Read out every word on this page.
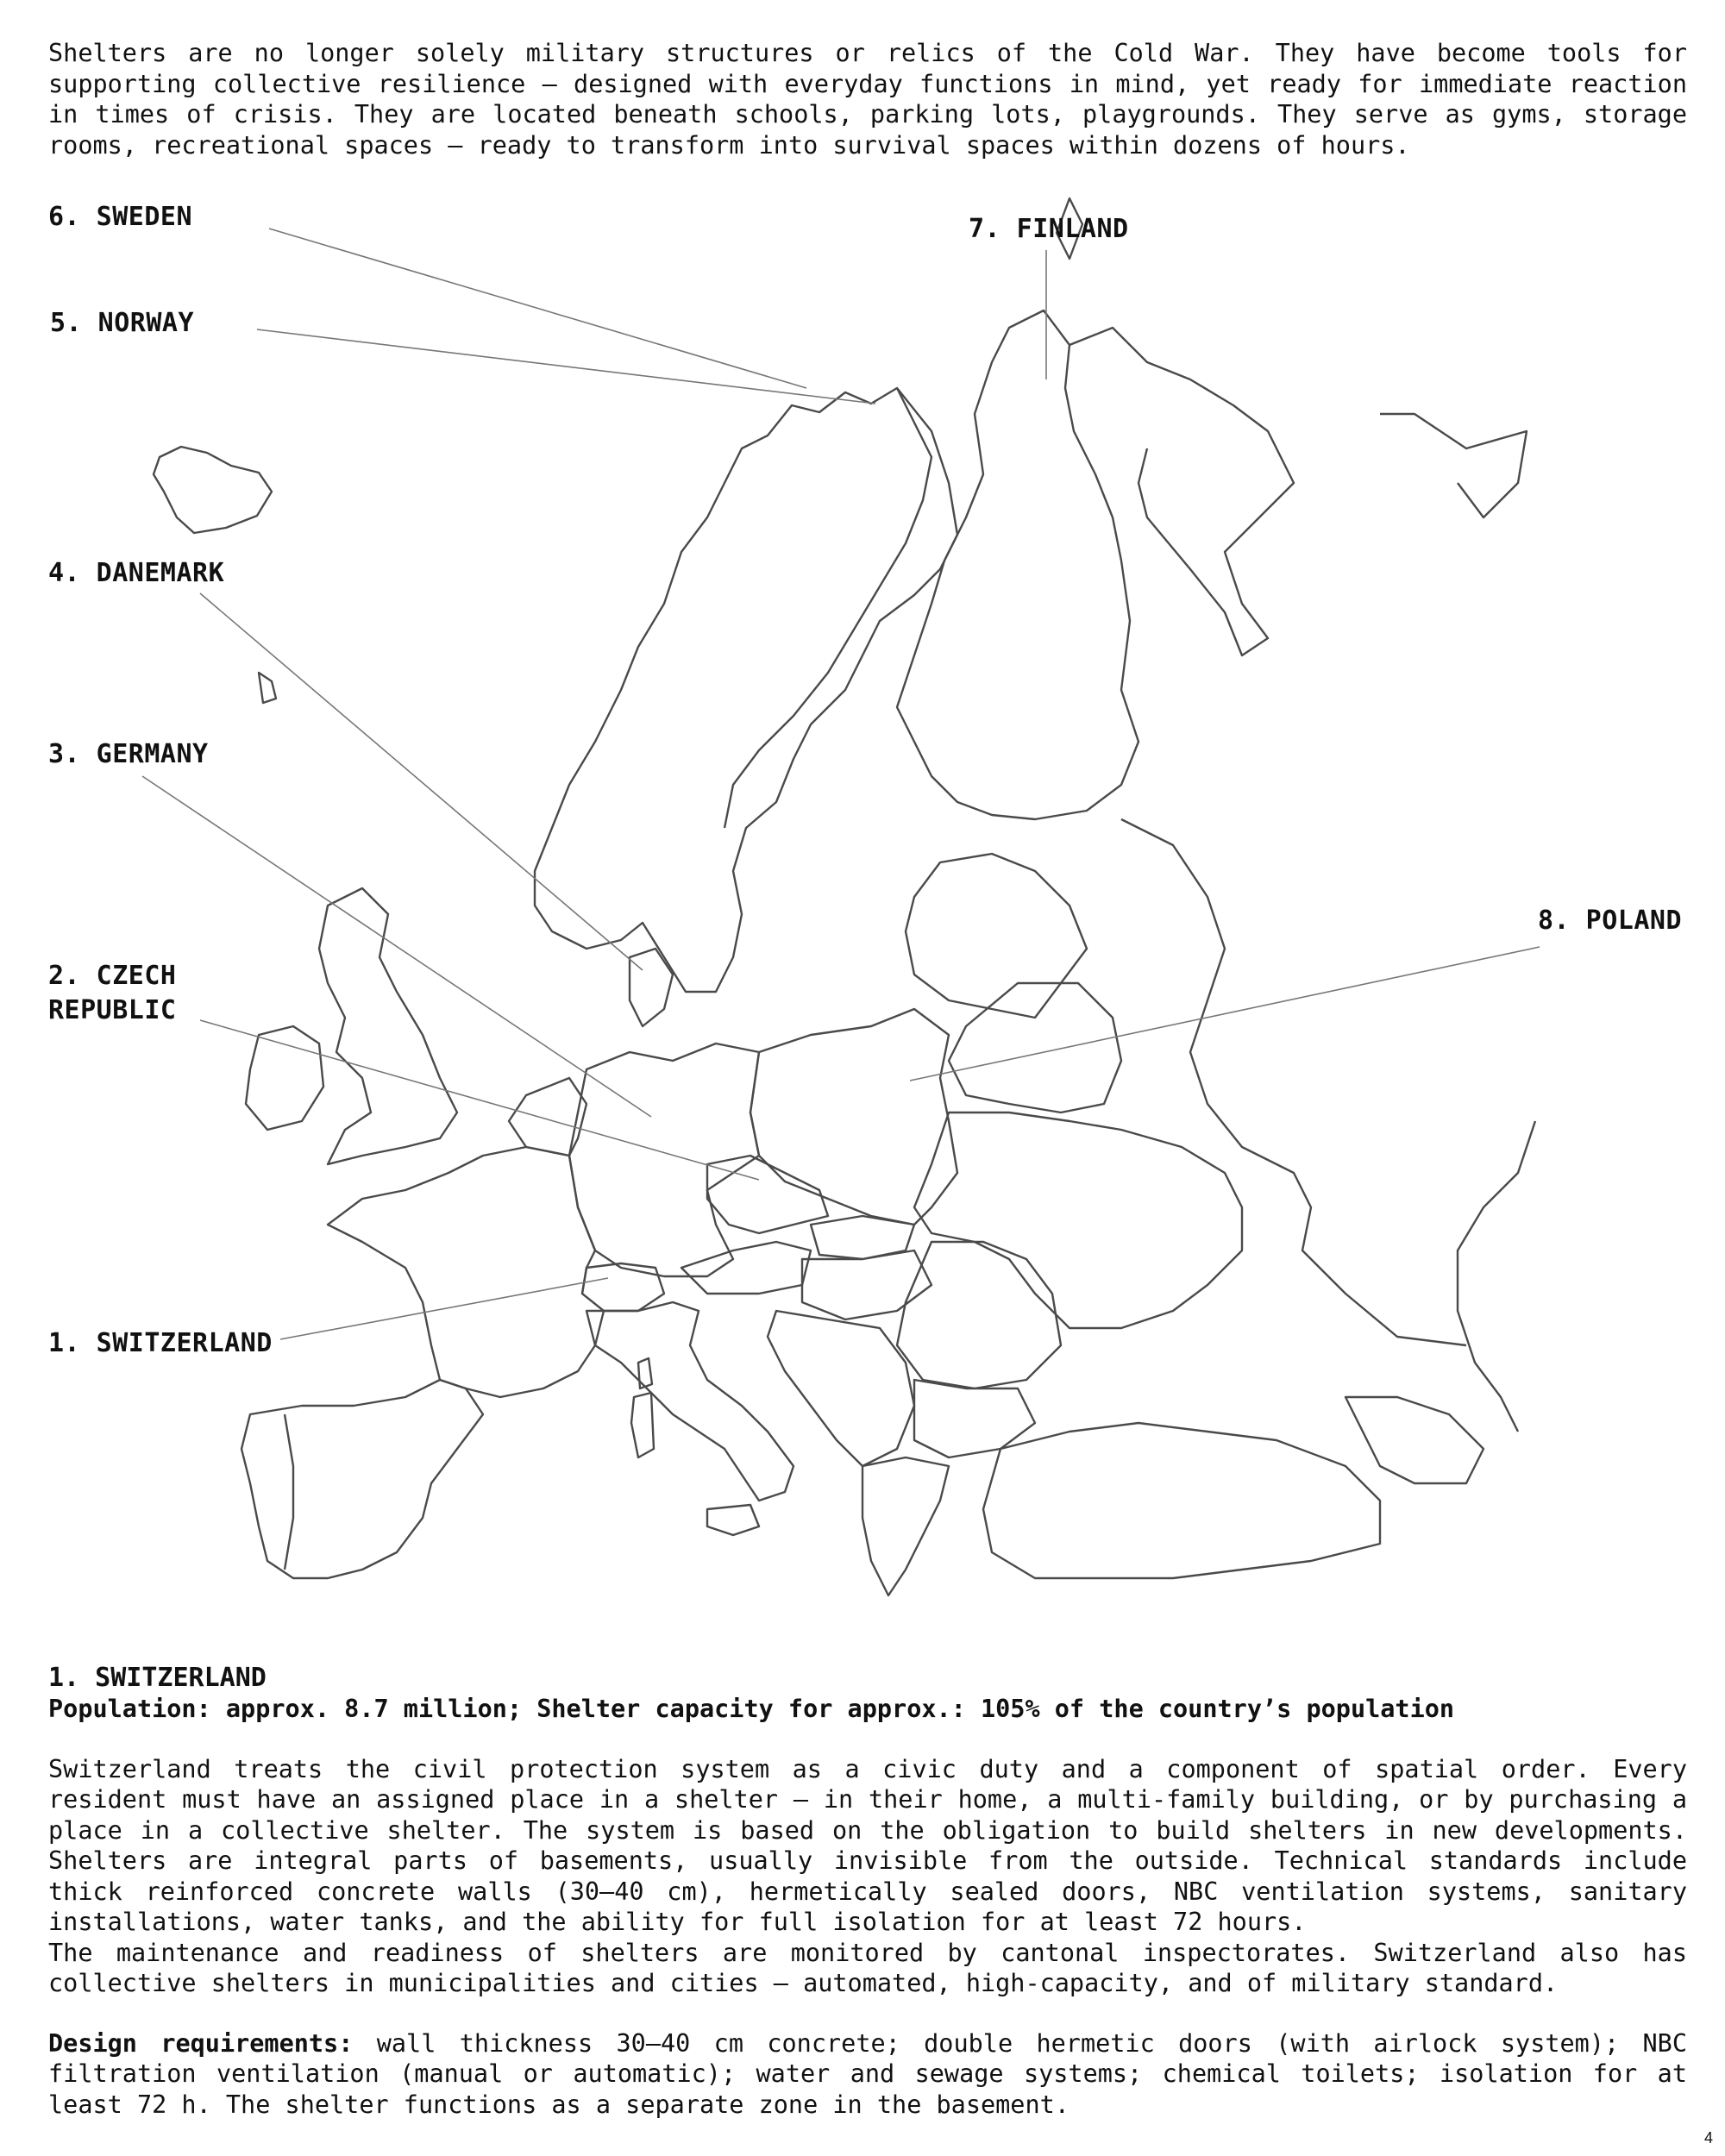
Shelters are no longer solely military structures or relics of the Cold War. They have become tools for supporting collective resilience – designed with everyday functions in mind, yet ready for immediate reaction in times of crisis. They are located beneath schools, parking lots, playgrounds. They serve as gyms, storage rooms, recreational spaces – ready to transform into survival spaces within dozens of hours.

6. SWEDEN	7. FINLAND
5. NORWAY
4. DANEMARK
3. GERMANY
8. POLAND
2. CZECH
REPUBLIC
1. SWITZERLAND
1. SWITZERLAND
Population: approx. 8.7 million; Shelter capacity for approx.: 105% of the country’s population

Switzerland treats the civil protection system as a civic duty and a component of spatial order. Every resident must have an assigned place in a shelter – in their home, a multi-family building, or by purchasing a place in a collective shelter. The system is based on the obligation to build shelters in new developments. Shelters are integral parts of basements, usually invisible from the outside. Technical standards include thick reinforced concrete walls (30–40 cm), hermetically sealed doors, NBC ventilation systems, sanitary installations, water tanks, and the ability for full isolation for at least 72 hours.

The maintenance and readiness of shelters are monitored by cantonal inspectorates. Switzerland also has collective shelters in municipalities and cities – automated, high-capacity, and of military standard.

Design requirements: wall thickness 30–40 cm concrete; double hermetic doors (with airlock system); NBC filtration ventilation (manual or automatic); water and sewage systems; chemical toilets; isolation for at least 72 h. The shelter functions as a separate zone in the basement.

4
